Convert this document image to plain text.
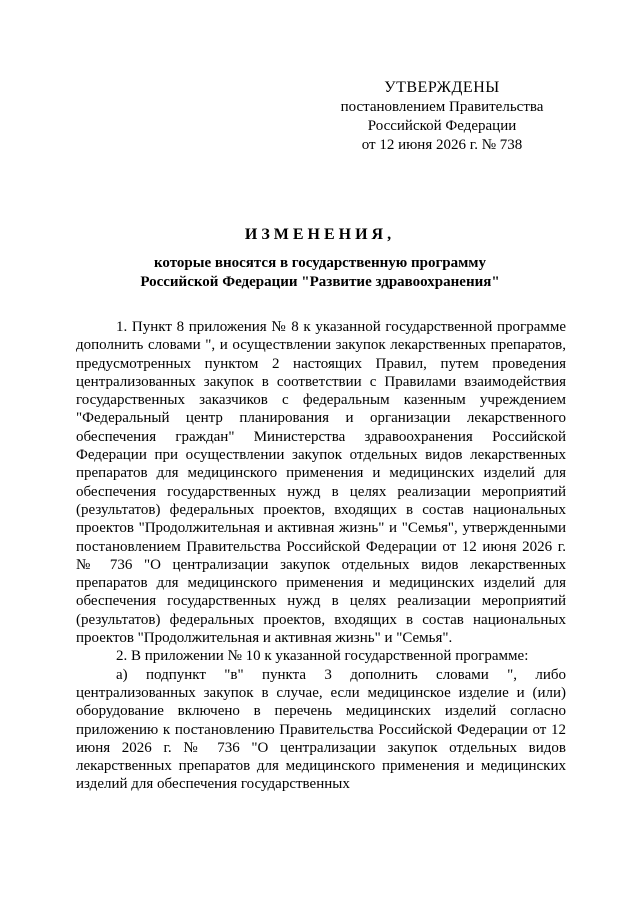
УТВЕРЖДЕНЫ
постановлением Правительства
Российской Федерации
от 12 июня 2026 г. № 738
ИЗМЕНЕНИЯ,
которые вносятся в государственную программу
Российской Федерации "Развитие здравоохранения"

1. Пункт 8 приложения № 8 к указанной государственной программе дополнить словами ", и осуществлении закупок лекарственных препаратов, предусмотренных пунктом 2 настоящих Правил, путем проведения централизованных закупок в соответствии с Правилами взаимодействия государственных заказчиков с федеральным казенным учреждением "Федеральный центр планирования и организации лекарственного обеспечения граждан" Министерства здравоохранения Российской Федерации при осуществлении закупок отдельных видов лекарственных препаратов для медицинского применения и медицинских изделий для обеспечения государственных нужд в целях реализации мероприятий (результатов) федеральных проектов, входящих в состав национальных проектов "Продолжительная и активная жизнь" и "Семья", утвержденными постановлением Правительства Российской Федерации от 12 июня 2026 г. № 736 "О централизации закупок отдельных видов лекарственных препаратов для медицинского применения и медицинских изделий для обеспечения государственных нужд в целях реализации мероприятий (результатов) федеральных проектов, входящих в состав национальных проектов "Продолжительная и активная жизнь" и "Семья".

2. В приложении № 10 к указанной государственной программе:

а) подпункт "в" пункта 3 дополнить словами ", либо централизованных закупок в случае, если медицинское изделие и (или) оборудование включено в перечень медицинских изделий согласно приложению к постановлению Правительства Российской Федерации от 12 июня 2026 г. № 736 "О централизации закупок отдельных видов лекарственных препаратов для медицинского применения и медицинских изделий для обеспечения государственных
